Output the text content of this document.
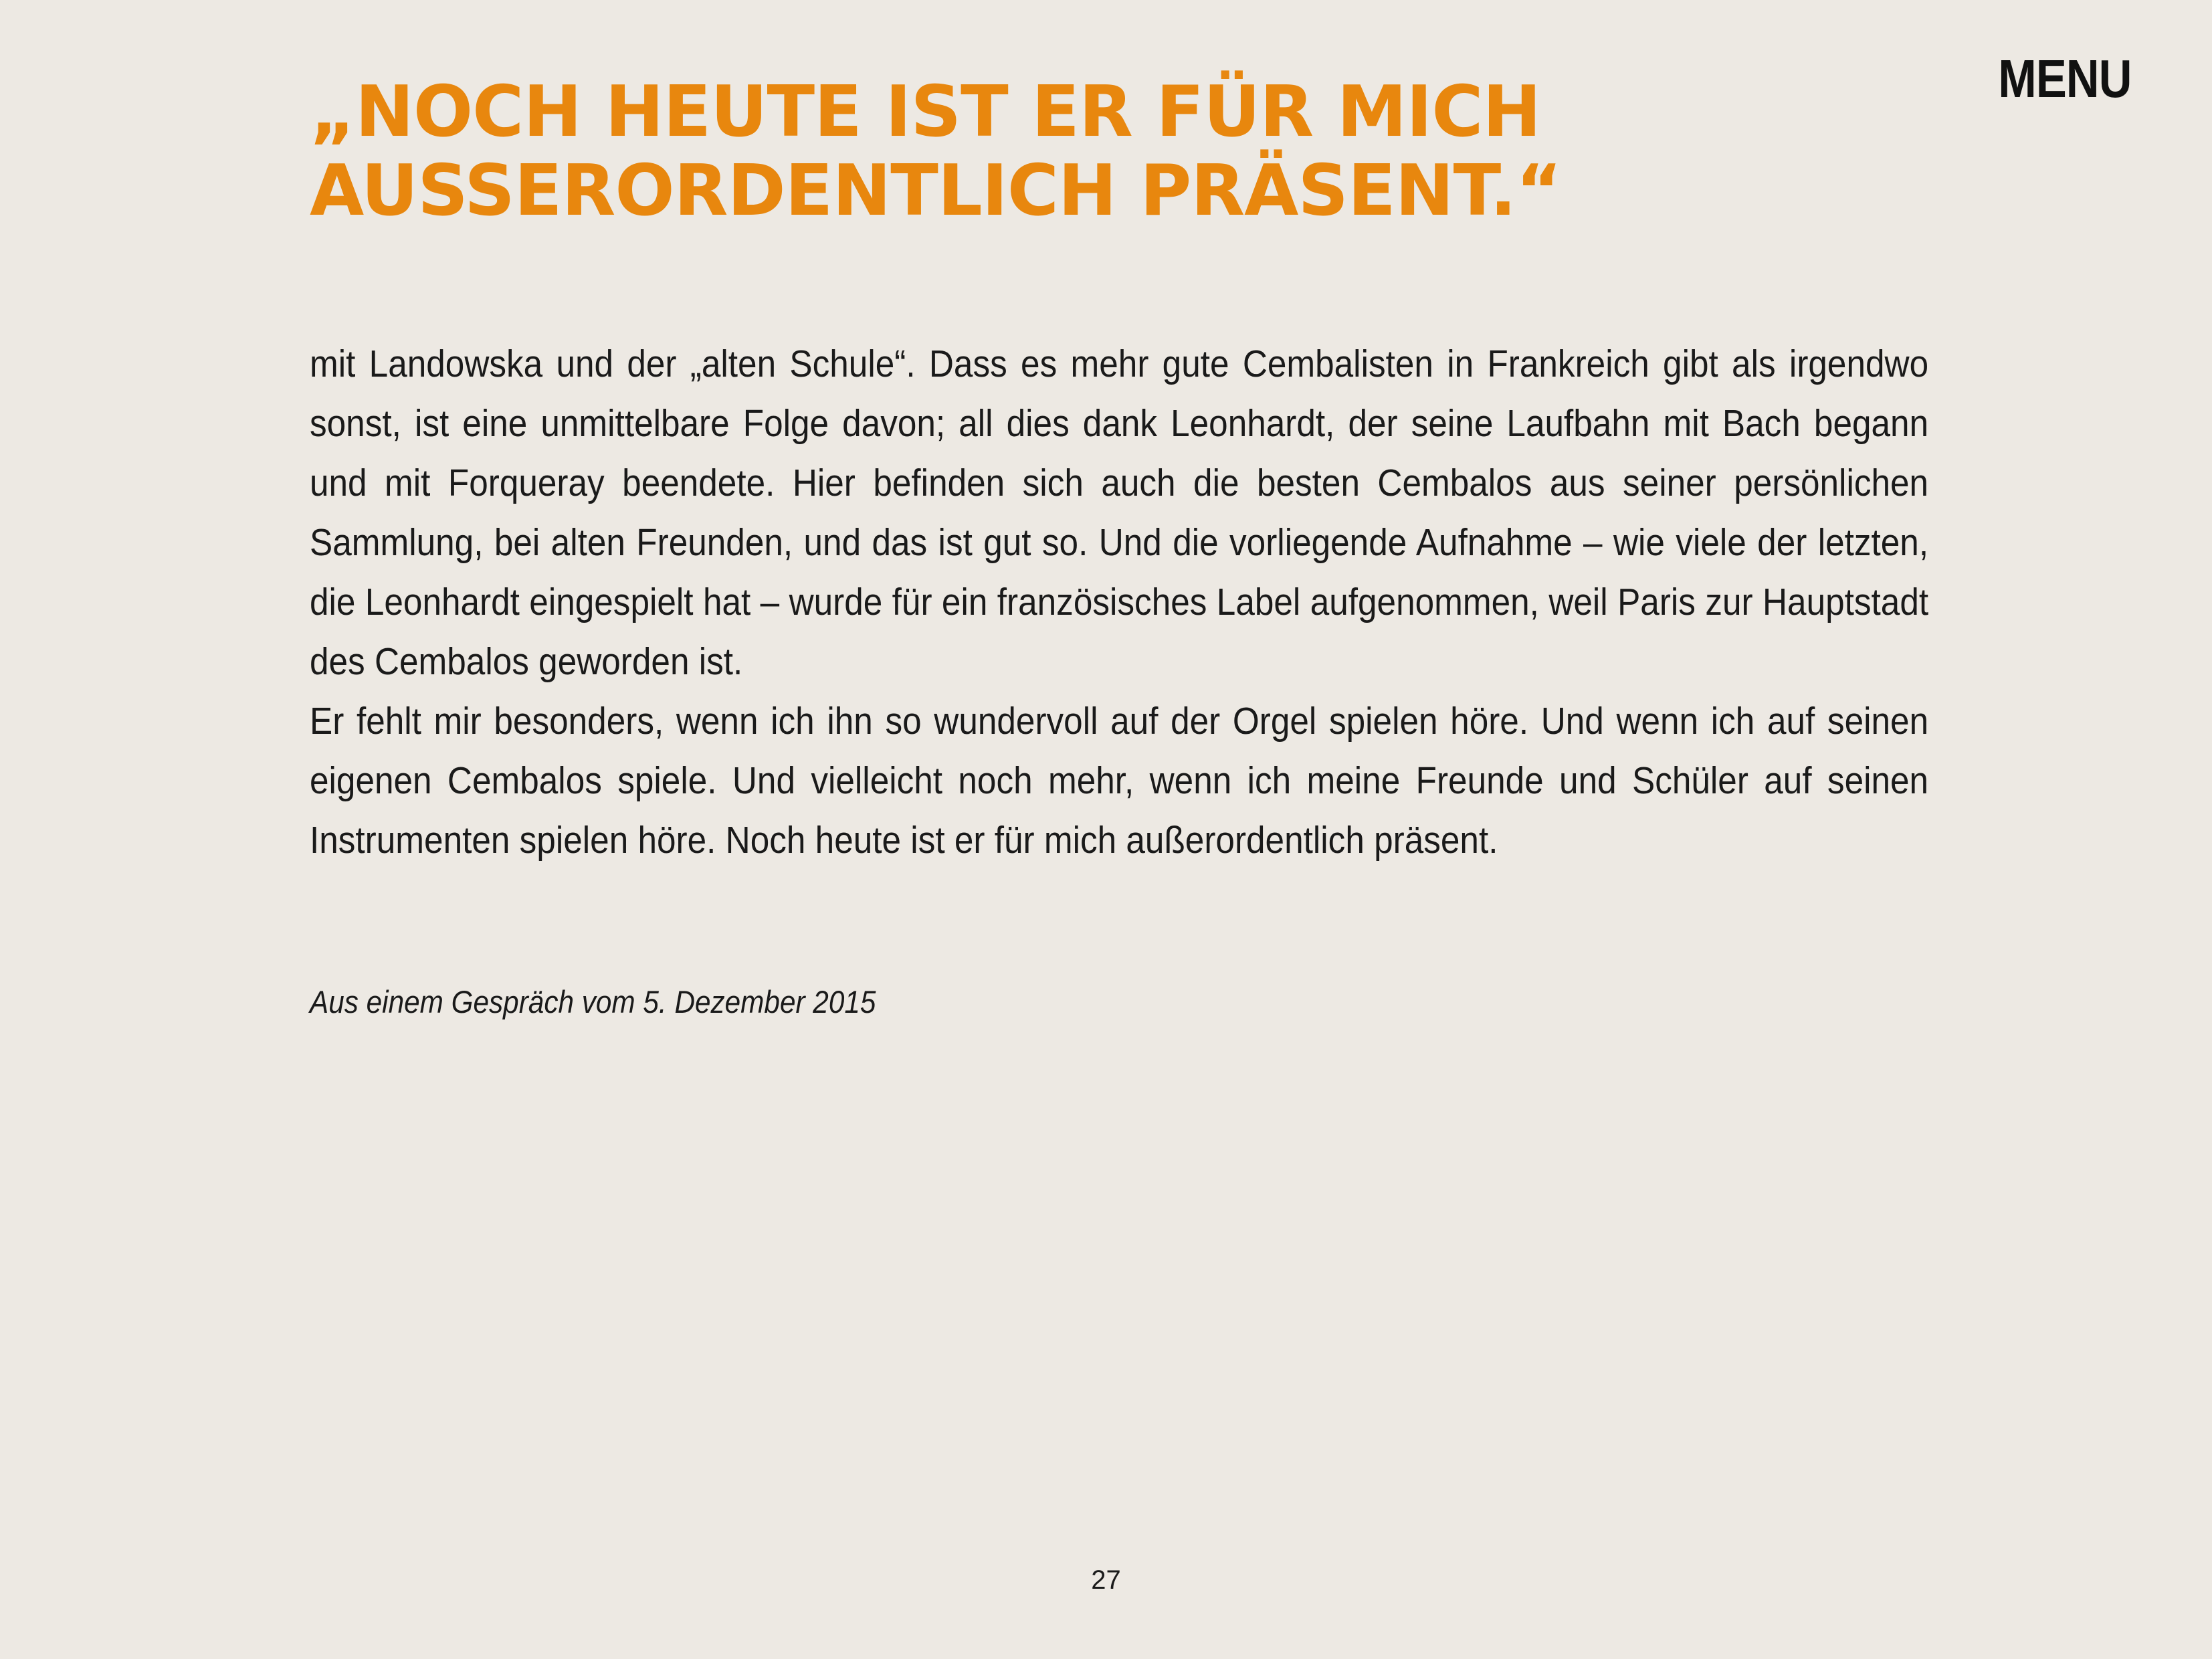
MENU
„NOCH HEUTE IST ER FÜR MICH
AUSSERORDENTLICH PRÄSENT.“

mit Landowska und der „alten Schule“. Dass es mehr gute Cembalisten in Frankreich gibt als irgendwo sonst, ist eine unmittelbare Folge davon; all dies dank Leonhardt, der seine Laufbahn mit Bach begann und mit Forqueray beendete. Hier befinden sich auch die besten Cembalos aus seiner persönlichen Sammlung, bei alten Freunden, und das ist gut so. Und die vorliegende Aufnahme – wie viele der letzten, die Leonhardt eingespielt hat – wurde für ein französisches Label aufgenommen, weil Paris zur Hauptstadt des Cembalos geworden ist.

Er fehlt mir besonders, wenn ich ihn so wundervoll auf der Orgel spielen höre. Und wenn ich auf seinen eigenen Cembalos spiele. Und vielleicht noch mehr, wenn ich meine Freunde und Schüler auf seinen Instrumenten spielen höre. Noch heute ist er für mich außerordentlich präsent.

Aus einem Gespräch vom 5. Dezember 2015
27
